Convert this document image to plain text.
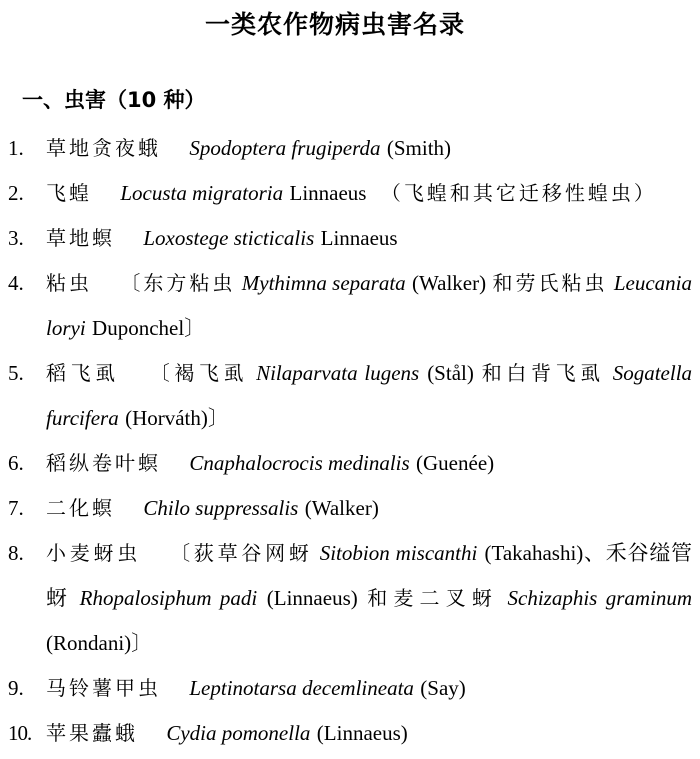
一类农作物病虫害名录
一、虫害（10 种）
1. 草地贪夜蛾 Spodoptera frugiperda (Smith)
2. 飞蝗 Locusta migratoria Linnaeus （飞蝗和其它迁移性蝗虫）
3. 草地螟 Loxostege sticticalis Linnaeus
4. 粘虫 〔东方粘虫 Mythimna separata (Walker) 和劳氏粘虫 Leucania loryi Duponchel〕
5. 稻飞虱 〔褐飞虱 Nilaparvata lugens (Stål) 和白背飞虱 Sogatella furcifera (Horváth)〕
6. 稻纵卷叶螟 Cnaphalocrocis medinalis (Guenée)
7. 二化螟 Chilo suppressalis (Walker)
8. 小麦蚜虫 〔荻草谷网蚜 Sitobion miscanthi (Takahashi)、禾谷缢管蚜 Rhopalosiphum padi (Linnaeus) 和麦二叉蚜 Schizaphis graminum (Rondani)〕
9. 马铃薯甲虫 Leptinotarsa decemlineata (Say)
10. 苹果蠹蛾 Cydia pomonella (Linnaeus)
